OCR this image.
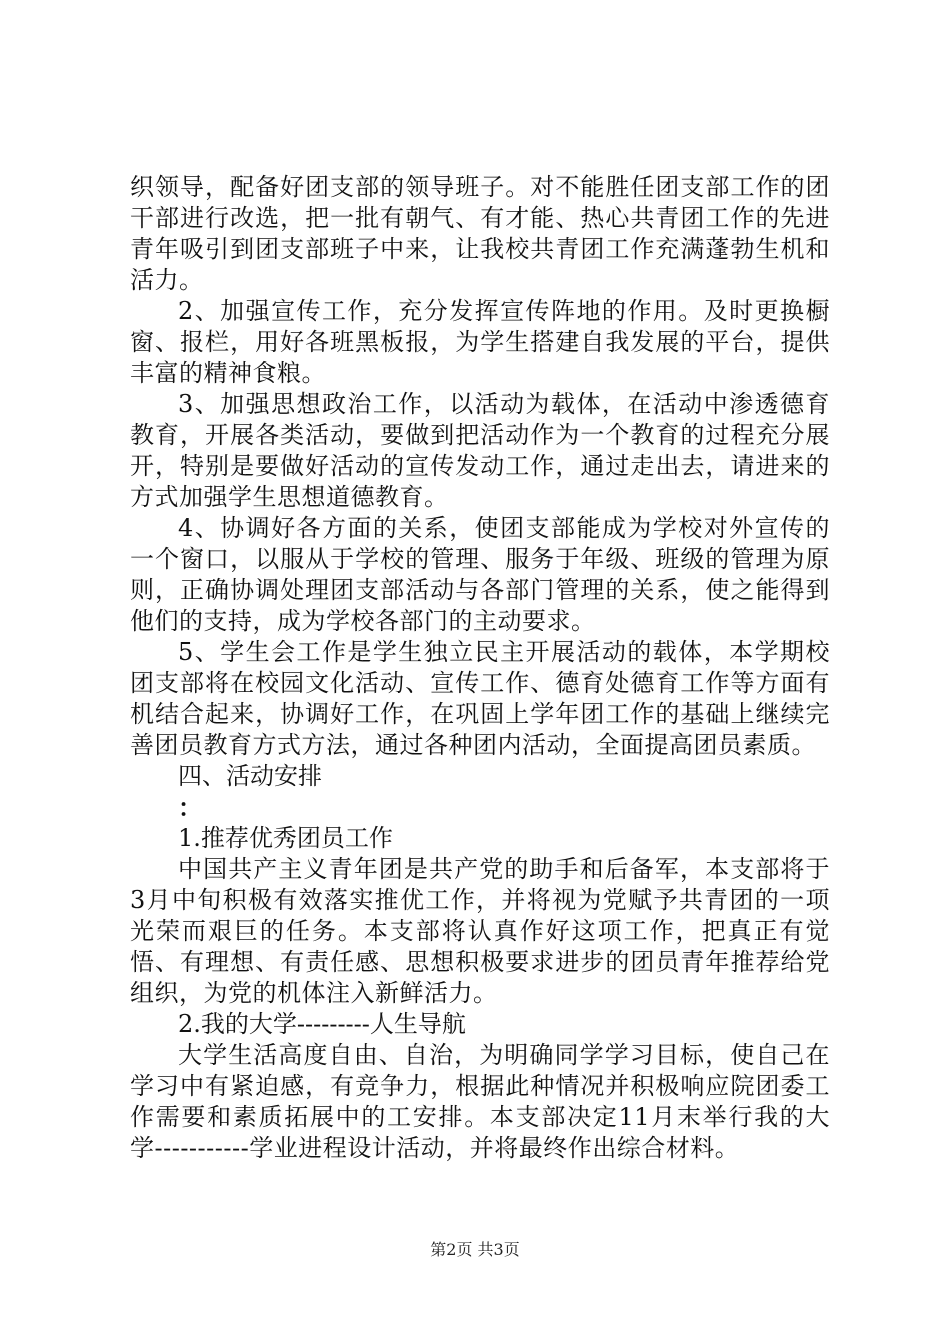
织领导，配备好团支部的领导班子。对不能胜任团支部工作的团干部进行改选，把一批有朝气、有才能、热心共青团工作的先进青年吸引到团支部班子中来，让我校共青团工作充满蓬勃生机和活力。

2、加强宣传工作，充分发挥宣传阵地的作用。及时更换橱窗、报栏，用好各班黑板报，为学生搭建自我发展的平台，提供丰富的精神食粮。

3、加强思想政治工作，以活动为载体，在活动中渗透德育教育，开展各类活动，要做到把活动作为一个教育的过程充分展开，特别是要做好活动的宣传发动工作，通过走出去，请进来的方式加强学生思想道德教育。

4、协调好各方面的关系，使团支部能成为学校对外宣传的一个窗口，以服从于学校的管理、服务于年级、班级的管理为原则，正确协调处理团支部活动与各部门管理的关系，使之能得到他们的支持，成为学校各部门的主动要求。

5、学生会工作是学生独立民主开展活动的载体，本学期校团支部将在校园文化活动、宣传工作、德育处德育工作等方面有机结合起来，协调好工作，在巩固上学年团工作的基础上继续完善团员教育方式方法，通过各种团内活动，全面提高团员素质。

四、活动安排

：

1.推荐优秀团员工作

中国共产主义青年团是共产党的助手和后备军，本支部将于3月中旬积极有效落实推优工作，并将视为党赋予共青团的一项光荣而艰巨的任务。本支部将认真作好这项工作，把真正有觉悟、有理想、有责任感、思想积极要求进步的团员青年推荐给党组织，为党的机体注入新鲜活力。

2.我的大学---------人生导航

大学生活高度自由、自治，为明确同学学习目标，使自己在学习中有紧迫感，有竞争力，根据此种情况并积极响应院团委工作需要和素质拓展中的工安排。本支部决定11月末举行我的大学-----------学业进程设计活动，并将最终作出综合材料。

第2页 共3页
